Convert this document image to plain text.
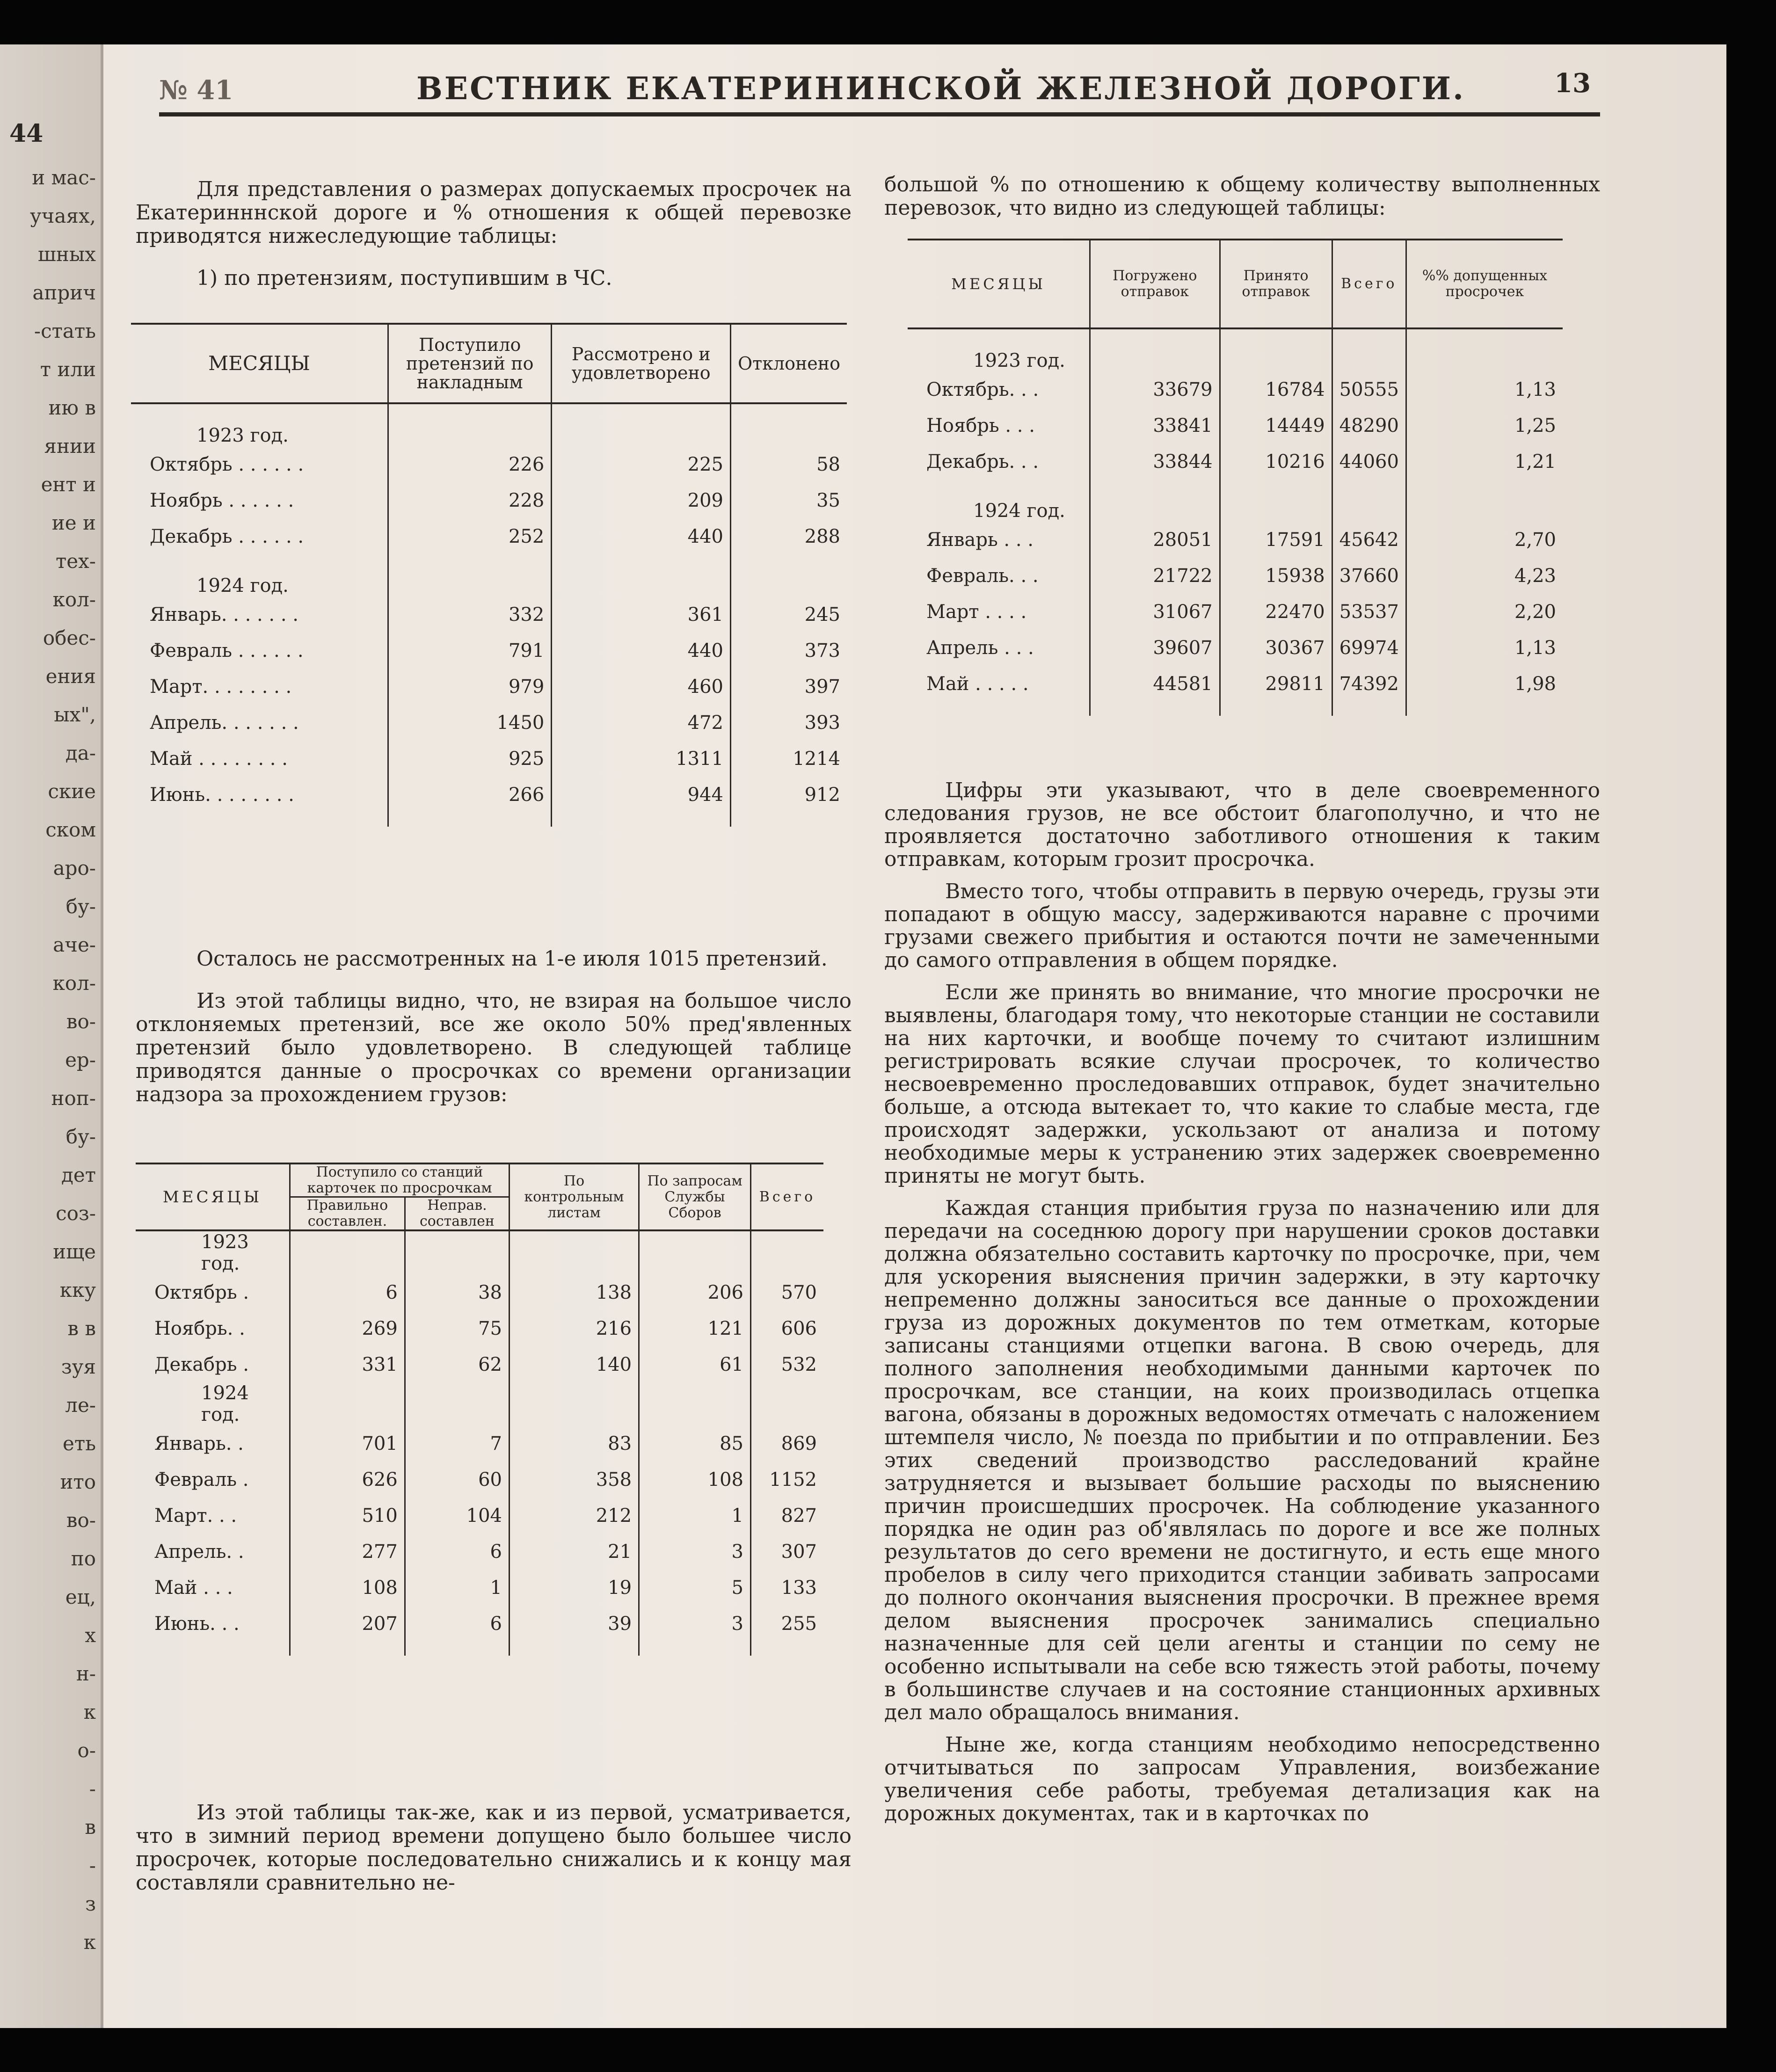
44
и мас-
учаях,
шных
априч
-стать
т или
ию в
янии
ент и
ие и
тех-
кол-
обес-
ения
ых",
да-
ские
ском
аро-
бу-
аче-
кол-
во-
ер-
ноп-
бу-
дет
соз-
ище
кку
в в
зуя
ле-
еть
ито
во-
по
ец,
х
н-
к
о-
-
в
-
з
к
№ 41	ВЕСТНИК ЕКАТЕРИНИНСКОЙ ЖЕЛЕЗНОЙ ДОРОГИ.	13

Для представления о размерах допускаемых просрочек на Екатеринннской дороге и % отношения к общей перевозке приводятся нижеследующие таблицы:

1) по претензиям, поступившим в ЧС.

МЕСЯЦЫ	Поступило претензий по накладным	Рассмотрено и удовлетворено	Отклонено
1923 год.			
Октябрь . . . . . .	226	225	58
Ноябрь . . . . . .	228	209	35
Декабрь . . . . . .	252	440	288
1924 год.			
Январь. . . . . . .	332	361	245
Февраль . . . . . .	791	440	373
Март. . . . . . . .	979	460	397
Апрель. . . . . . .	1450	472	393
Май . . . . . . . .	925	1311	1214
Июнь. . . . . . . .	266	944	912

Осталось не рассмотренных на 1-е июля 1015 претензий.

Из этой таблицы видно, что, не взирая на большое число отклоняемых претензий, все же около 50% пред'явленных претензий было удовлетворено. В следующей таблице приводятся данные о просрочках со времени организации надзора за прохождением грузов:

МЕСЯЦЫ	Поступило со станций карточек по просрочкам		По контрольным листам	По запросам Службы Сборов	Всего
	Правильно составлен.	Неправ. составлен			
1923 год.					
Октябрь .	6	38	138	206	570
Ноябрь. .	269	75	216	121	606
Декабрь .	331	62	140	61	532
1924 год.					
Январь. .	701	7	83	85	869
Февраль .	626	60	358	108	1152
Март. . .	510	104	212	1	827
Апрель. .	277	6	21	3	307
Май . . .	108	1	19	5	133
Июнь. . .	207	6	39	3	255

Из этой таблицы так-же, как и из первой, усматривается, что в зимний период времени допущено было большее число просрочек, которые последовательно снижались и к концу мая составляли сравнительно не-

большой % по отношению к общему количеству выполненных перевозок, что видно из следующей таблицы:

МЕСЯЦЫ	Погружено отправок	Принято отправок	Всего	%% допущенных просрочек
1923 год.				
Октябрь. . .	33679	16784	50555	1,13
Ноябрь . . .	33841	14449	48290	1,25
Декабрь. . .	33844	10216	44060	1,21
1924 год.				
Январь . . .	28051	17591	45642	2,70
Февраль. . .	21722	15938	37660	4,23
Март . . . .	31067	22470	53537	2,20
Апрель . . .	39607	30367	69974	1,13
Май . . . . .	44581	29811	74392	1,98

Цифры эти указывают, что в деле своевременного следования грузов, не все обстоит благополучно, и что не проявляется достаточно заботливого отношения к таким отправкам, которым грозит просрочка.

Вместо того, чтобы отправить в первую очередь, грузы эти попадают в общую массу, задерживаются наравне с прочими грузами свежего прибытия и остаются почти не замеченными до самого отправления в общем порядке.

Если же принять во внимание, что многие просрочки не выявлены, благодаря тому, что некоторые станции не составили на них карточки, и вообще почему то считают излишним регистрировать всякие случаи просрочек, то количество несвоевременно проследовавших отправок, будет значительно больше, а отсюда вытекает то, что какие то слабые места, где происходят задержки, ускользают от анализа и потому необходимые меры к устранению этих задержек своевременно приняты не могут быть.

Каждая станция прибытия груза по назначению или для передачи на соседнюю дорогу при нарушении сроков доставки должна обязательно составить карточку по просрочке, при, чем для ускорения выяснения причин задержки, в эту карточку непременно должны заноситься все данные о прохождении груза из дорожных документов по тем отметкам, которые записаны станциями отцепки вагона. В свою очередь, для полного заполнения необходимыми данными карточек по просрочкам, все станции, на коих производилась отцепка вагона, обязаны в дорожных ведомостях отмечать с наложением штемпеля число, № поезда по прибытии и по отправлении. Без этих сведений производство расследований крайне затрудняется и вызывает большие расходы по выяснению причин происшедших просрочек. На соблюдение указанного порядка не один раз об'являлась по дороге и все же полных результатов до сего времени не достигнуто, и есть еще много пробелов в силу чего приходится станции забивать запросами до полного окончания выяснения просрочки. В прежнее время делом выяснения просрочек занимались специально назначенные для сей цели агенты и станции по сему не особенно испытывали на себе всю тяжесть этой работы, почему в большинстве случаев и на состояние станционных архивных дел мало обращалось внимания.

Ныне же, когда станциям необходимо непосредственно отчитываться по запросам Управления, воизбежание увеличения себе работы, требуемая детализация как на дорожных документах, так и в карточках по
